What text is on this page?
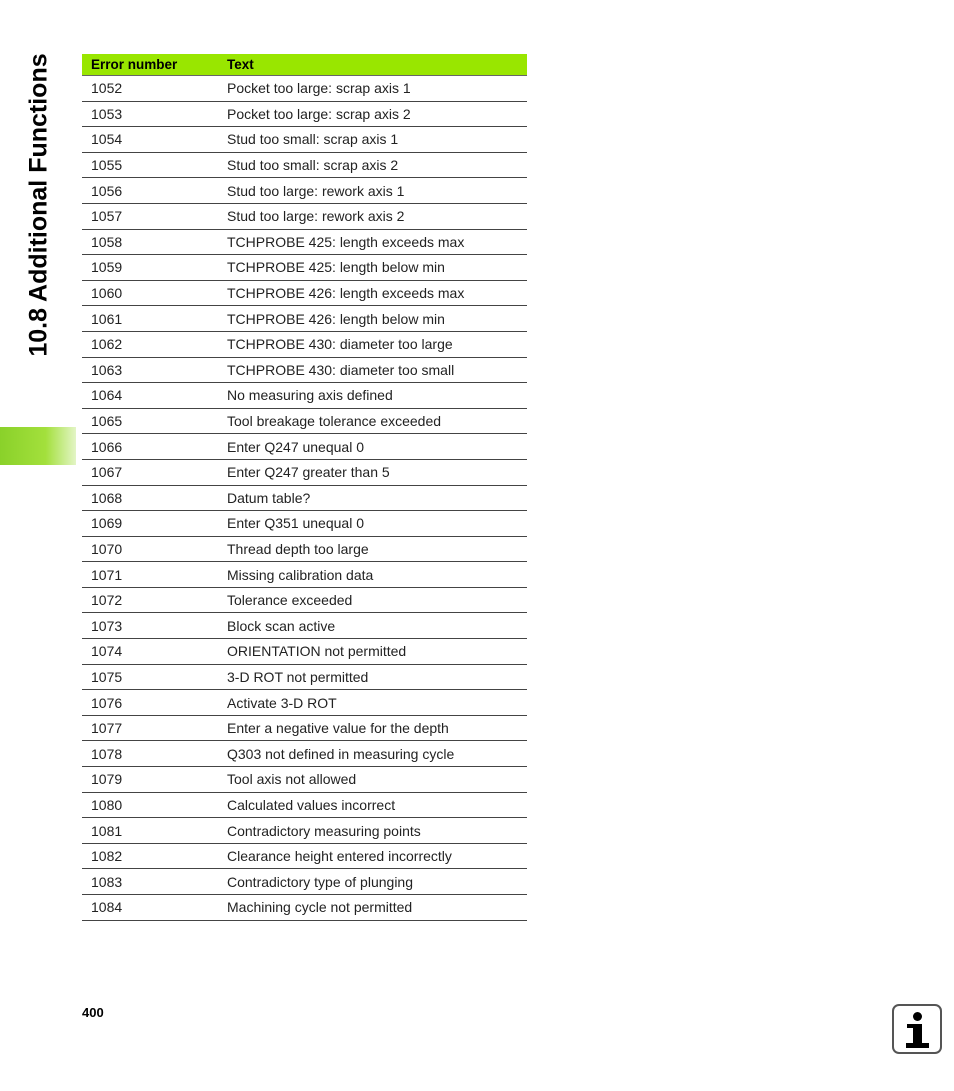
10.8 Additional Functions	Error number	Text
1052	Pocket too large: scrap axis 1
1053	Pocket too large: scrap axis 2
1054	Stud too small: scrap axis 1
1055	Stud too small: scrap axis 2
1056	Stud too large: rework axis 1
1057	Stud too large: rework axis 2
1058	TCHPROBE 425: length exceeds max
1059	TCHPROBE 425: length below min
1060	TCHPROBE 426: length exceeds max
1061	TCHPROBE 426: length below min
1062	TCHPROBE 430: diameter too large
1063	TCHPROBE 430: diameter too small
1064	No measuring axis defined
1065	Tool breakage tolerance exceeded
1066	Enter Q247 unequal 0
1067	Enter Q247 greater than 5
1068	Datum table?
1069	Enter Q351 unequal 0
1070	Thread depth too large
1071	Missing calibration data
1072	Tolerance exceeded
1073	Block scan active
1074	ORIENTATION not permitted
1075	3-D ROT not permitted
1076	Activate 3-D ROT
1077	Enter a negative value for the depth
1078	Q303 not defined in measuring cycle
1079	Tool axis not allowed
1080	Calculated values incorrect
1081	Contradictory measuring points
1082	Clearance height entered incorrectly
1083	Contradictory type of plunging
1084	Machining cycle not permitted
400
